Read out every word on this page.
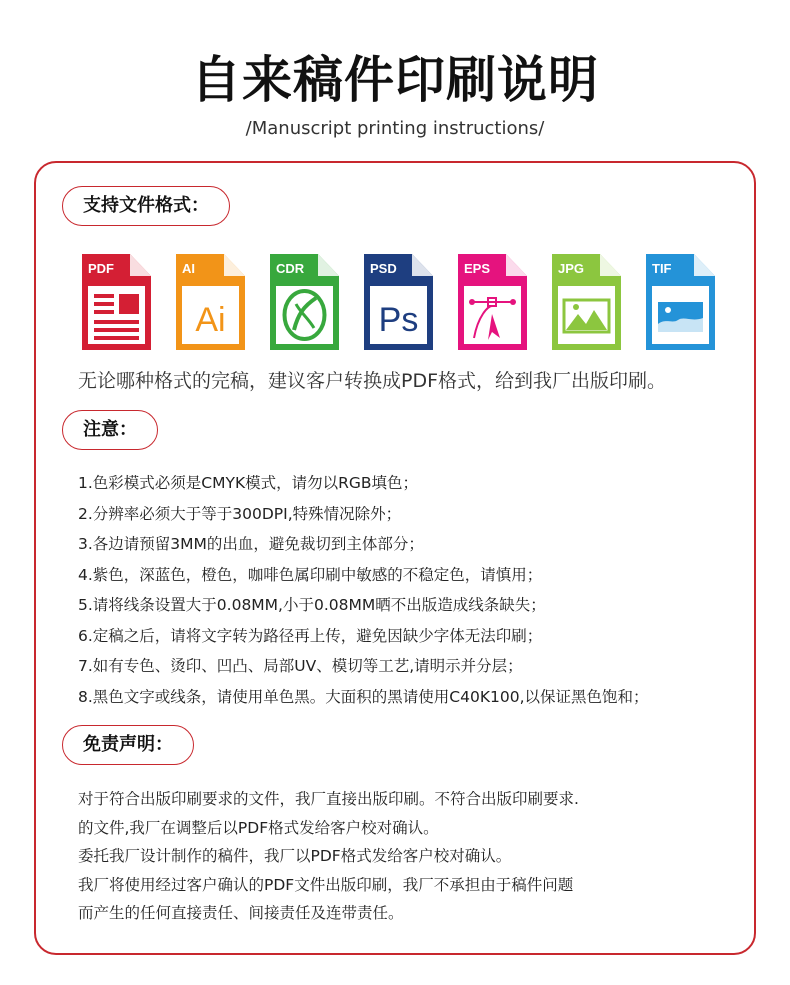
自来稿件印刷说明
/Manuscript printing instructions/
支持文件格式：
PDF	AI
Ai
CDR	PSD
Ps
EPS	JPG	TIF
无论哪种格式的完稿，建议客户转换成PDF格式，给到我厂出版印刷。
注意：
1.色彩模式必须是CMYK模式，请勿以RGB填色；
2.分辨率必须大于等于300DPI,特殊情况除外；
3.各边请预留3MM的出血，避免裁切到主体部分；
4.紫色，深蓝色，橙色，咖啡色属印刷中敏感的不稳定色，请慎用；
5.请将线条设置大于0.08MM,小于0.08MM晒不出版造成线条缺失；
6.定稿之后，请将文字转为路径再上传，避免因缺少字体无法印刷；
7.如有专色、烫印、凹凸、局部UV、模切等工艺,请明示并分层；
8.黑色文字或线条，请使用单色黑。大面积的黑请使用C40K100,以保证黑色饱和；
免责声明：
对于符合出版印刷要求的文件，我厂直接出版印刷。不符合出版印刷要求.
的文件,我厂在调整后以PDF格式发给客户校对确认。
委托我厂设计制作的稿件，我厂以PDF格式发给客户校对确认。
我厂将使用经过客户确认的PDF文件出版印刷，我厂不承担由于稿件问题
而产生的任何直接责任、间接责任及连带责任。
